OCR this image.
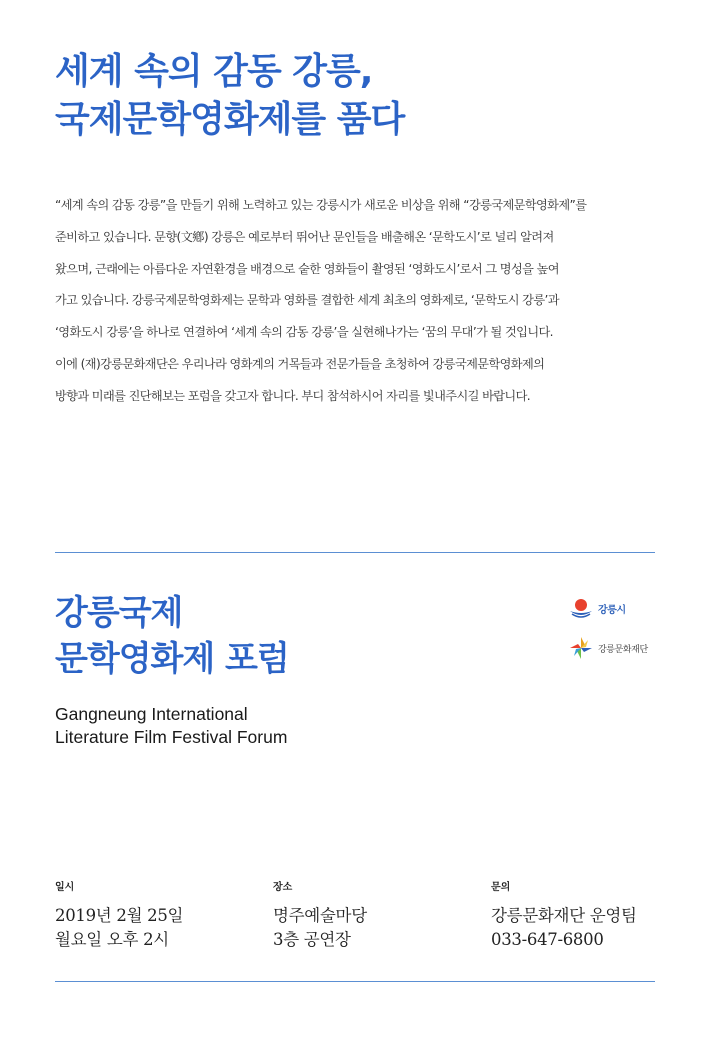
세계 속의 감동 강릉,
국제문학영화제를 품다
“세계 속의 감동 강릉”을 만들기 위해 노력하고 있는 강릉시가 새로운 비상을 위해 “강릉국제문학영화제”를
준비하고 있습니다. 문향(文鄕) 강릉은 예로부터 뛰어난 문인들을 배출해온 ‘문학도시’로 널리 알려져
왔으며, 근래에는 아름다운 자연환경을 배경으로 숱한 영화들이 촬영된 ‘영화도시’로서 그 명성을 높여
가고 있습니다. 강릉국제문학영화제는 문학과 영화를 결합한 세계 최초의 영화제로, ‘문학도시 강릉’과
‘영화도시 강릉’을 하나로 연결하여 ‘세계 속의 감동 강릉’을 실현해나가는 ‘꿈의 무대’가 될 것입니다.
이에 (재)강릉문화재단은 우리나라 영화계의 거목들과 전문가들을 초청하여 강릉국제문학영화제의
방향과 미래를 진단해보는 포럼을 갖고자 합니다. 부디 참석하시어 자리를 빛내주시길 바랍니다.
강릉국제
문학영화제 포럼
Gangneung International
Literature Film Festival Forum
강릉시
강릉문화재단
일시
2019년 2월 25일
월요일 오후 2시
장소
명주예술마당
3층 공연장
문의
강릉문화재단 운영팀
033-647-6800
